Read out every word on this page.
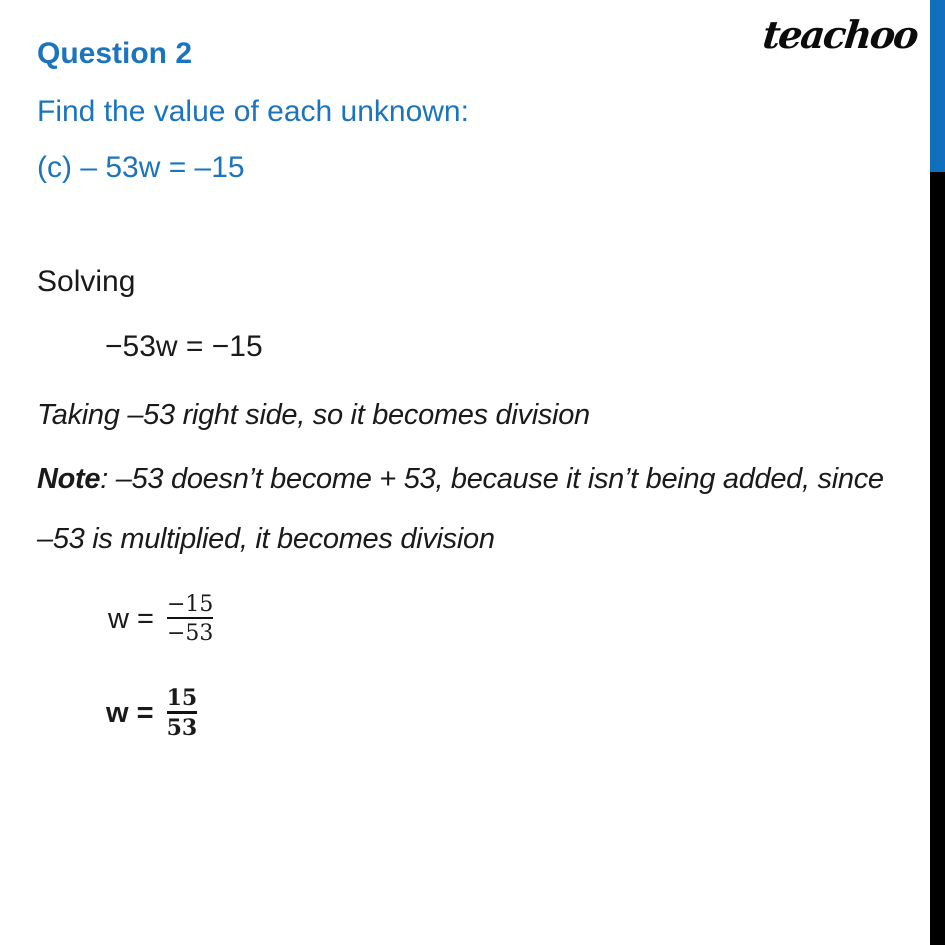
teachoo
Question 2
Find the value of each unknown:
(c) – 53w = –15
Solving
−53w = −15
Taking –53 right side, so it becomes division
Note: –53 doesn’t become + 53, because it isn’t being added, since
–53 is multiplied, it becomes division
$w = \frac{-15}{-53}$
$w = \frac{15}{53}$
